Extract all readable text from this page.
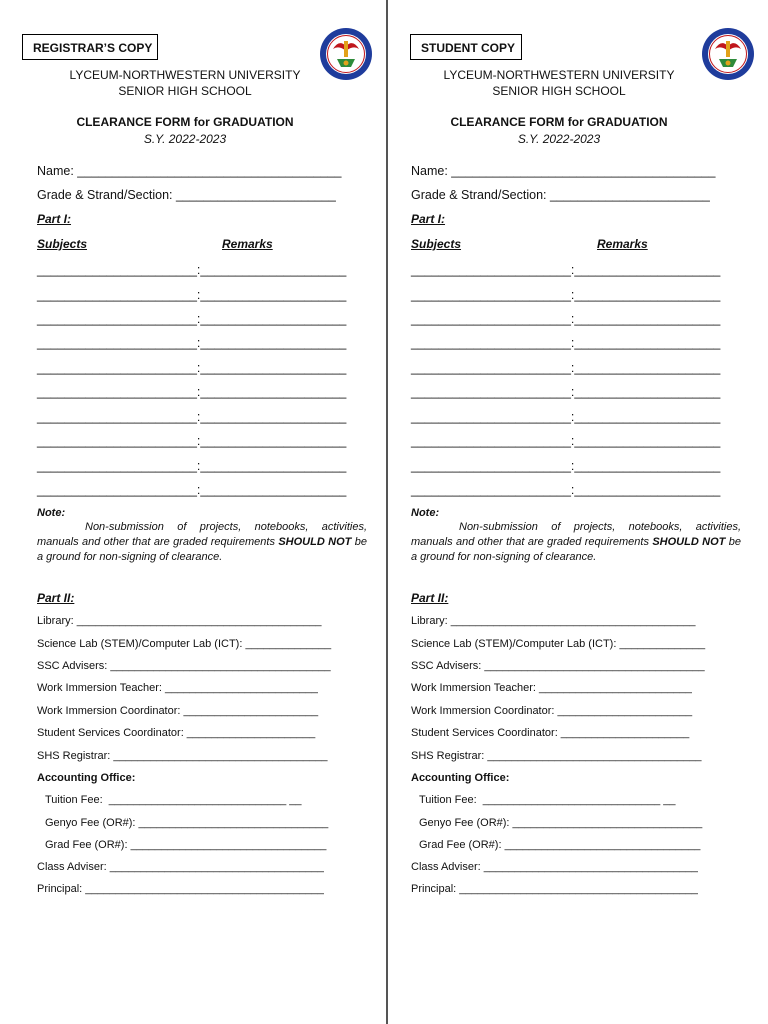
REGISTRAR’S COPY
LYCEUM-NORTHWESTERN UNIVERSITY
SENIOR HIGH SCHOOL
CLEARANCE FORM for GRADUATION
S.Y. 2022-2023
Name: ______________________________________
Grade & Strand/Section: _______________________
Part I:
Subjects	Remarks
_______________________:_____________________
_______________________:_____________________
_______________________:_____________________
_______________________:_____________________
_______________________:_____________________
_______________________:_____________________
_______________________:_____________________
_______________________:_____________________
_______________________:_____________________
_______________________:_____________________
Note:
Non-submission of projects, notebooks, activities, manuals and other that are graded requirements SHOULD NOT be a ground for non-signing of clearance.
Part II:
Library: ________________________________________
Science Lab (STEM)/Computer Lab (ICT): ______________
SSC Advisers: ____________________________________
Work Immersion Teacher: _________________________
Work Immersion Coordinator: ______________________
Student Services Coordinator: _____________________
SHS Registrar: ___________________________________
Accounting Office:
Tuition Fee:  _____________________________ __
Genyo Fee (OR#): _______________________________
Grad Fee (OR#): ________________________________
Class Adviser: ___________________________________
Principal: _______________________________________
STUDENT COPY
LYCEUM-NORTHWESTERN UNIVERSITY
SENIOR HIGH SCHOOL
CLEARANCE FORM for GRADUATION
S.Y. 2022-2023
Name: ______________________________________
Grade & Strand/Section: _______________________
Part I:
Subjects	Remarks
_______________________:_____________________
_______________________:_____________________
_______________________:_____________________
_______________________:_____________________
_______________________:_____________________
_______________________:_____________________
_______________________:_____________________
_______________________:_____________________
_______________________:_____________________
_______________________:_____________________
Note:
Non-submission of projects, notebooks, activities, manuals and other that are graded requirements SHOULD NOT be a ground for non-signing of clearance.
Part II:
Library: ________________________________________
Science Lab (STEM)/Computer Lab (ICT): ______________
SSC Advisers: ____________________________________
Work Immersion Teacher: _________________________
Work Immersion Coordinator: ______________________
Student Services Coordinator: _____________________
SHS Registrar: ___________________________________
Accounting Office:
Tuition Fee:  _____________________________ __
Genyo Fee (OR#): _______________________________
Grad Fee (OR#): ________________________________
Class Adviser: ___________________________________
Principal: _______________________________________
